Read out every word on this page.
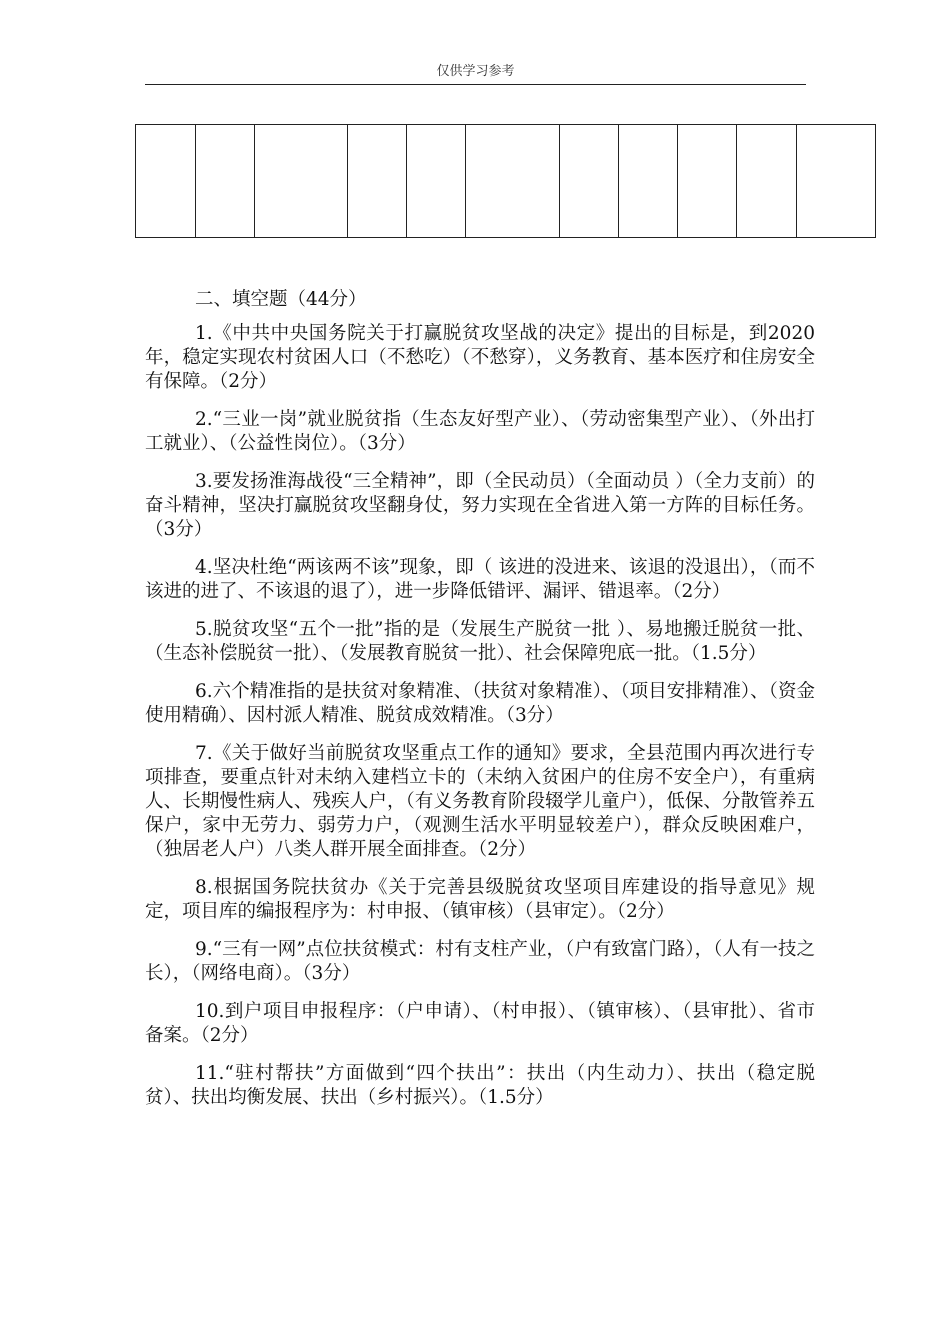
仅供学习参考

二、填空题（44分）

1.《中共中央国务院关于打赢脱贫攻坚战的决定》提出的目标是，到2020年，稳定实现农村贫困人口（不愁吃）（不愁穿），义务教育、基本医疗和住房安全有保障。（2分）

2.“三业一岗”就业脱贫指（生态友好型产业）、（劳动密集型产业）、（外出打工就业）、（公益性岗位）。（3分）

3.要发扬淮海战役“三全精神”，即（全民动员）（全面动员 ）（全力支前）的奋斗精神，坚决打赢脱贫攻坚翻身仗，努力实现在全省进入第一方阵的目标任务。（3分）

4.坚决杜绝“两该两不该”现象，即（ 该进的没进来、该退的没退出），（而不该进的进了、不该退的退了），进一步降低错评、漏评、错退率。（2分）

5.脱贫攻坚“五个一批”指的是（发展生产脱贫一批 ）、易地搬迁脱贫一批、（生态补偿脱贫一批）、（发展教育脱贫一批）、社会保障兜底一批。（1.5分）

6.六个精准指的是扶贫对象精准、（扶贫对象精准）、（项目安排精准）、（资金使用精确）、因村派人精准、脱贫成效精准。（3分）

7.《关于做好当前脱贫攻坚重点工作的通知》要求，全县范围内再次进行专项排查，要重点针对未纳入建档立卡的（未纳入贫困户的住房不安全户），有重病人、长期慢性病人、残疾人户，（有义务教育阶段辍学儿童户），低保、分散管养五保户，家中无劳力、弱劳力户，（观测生活水平明显较差户），群众反映困难户，（独居老人户）八类人群开展全面排查。（2分）

8.根据国务院扶贫办《关于完善县级脱贫攻坚项目库建设的指导意见》规定，项目库的编报程序为：村申报、（镇审核）（县审定）。（2分）

9.“三有一网”点位扶贫模式：村有支柱产业，（户有致富门路），（人有一技之长），（网络电商）。（3分）

10.到户项目申报程序：（户申请）、（村申报）、（镇审核）、（县审批）、省市备案。（2分）

11.“驻村帮扶”方面做到“四个扶出”：扶出（内生动力）、扶出（稳定脱贫）、扶出均衡发展、扶出（乡村振兴）。（1.5分）
